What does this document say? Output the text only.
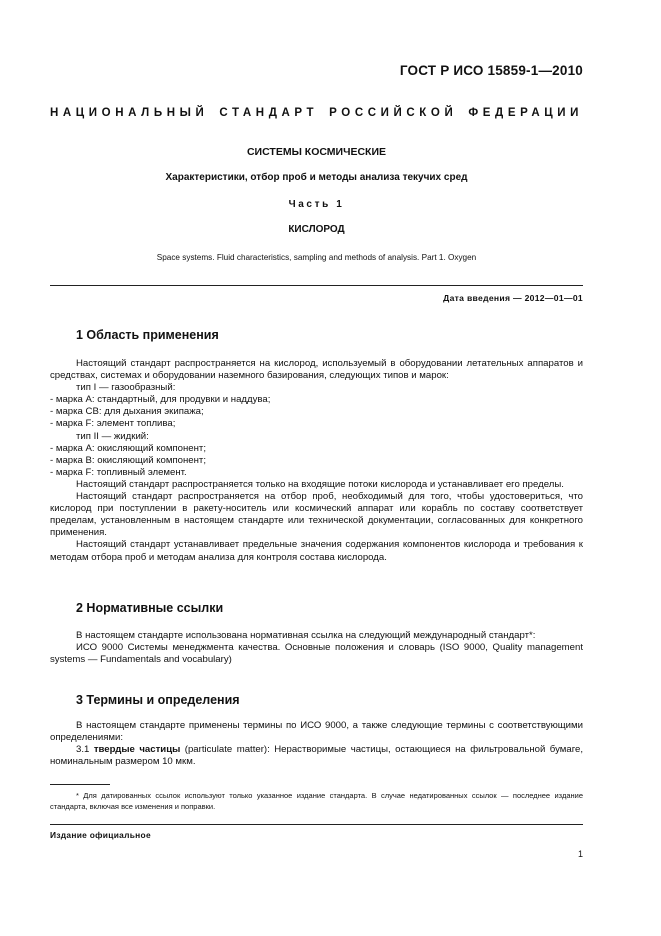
ГОСТ Р ИСО 15859-1—2010
НАЦИОНАЛЬНЫЙ СТАНДАРТ РОССИЙСКОЙ ФЕДЕРАЦИИ
СИСТЕМЫ КОСМИЧЕСКИЕ
Характеристики, отбор проб и методы анализа текучих сред
Часть 1
КИСЛОРОД
Space systems. Fluid characteristics, sampling and methods of analysis. Part 1. Oxygen
Дата введения — 2012—01—01
1 Область применения

Настоящий стандарт распространяется на кислород, используемый в оборудовании летательных аппаратов и средствах, системах и оборудовании наземного базирования, следующих типов и марок:

тип I — газообразный:

- марка A: стандартный, для продувки и наддува;

- марка CB: для дыхания экипажа;

- марка F: элемент топлива;

тип II — жидкий:

- марка A: окисляющий компонент;

- марка B: окисляющий компонент;

- марка F: топливный элемент.

Настоящий стандарт распространяется только на входящие потоки кислорода и устанавливает его пределы.

Настоящий стандарт распространяется на отбор проб, необходимый для того, чтобы удостовериться, что кислород при поступлении в ракету-носитель или космический аппарат или корабль по составу соответствует пределам, установленным в настоящем стандарте или технической документации, согласованных для конкретного применения.

Настоящий стандарт устанавливает предельные значения содержания компонентов кислорода и требования к методам отбора проб и методам анализа для контроля состава кислорода.

2 Нормативные ссылки

В настоящем стандарте использована нормативная ссылка на следующий международный стандарт*:

ИСО 9000 Системы менеджмента качества. Основные положения и словарь (ISO 9000, Quality management systems — Fundamentals and vocabulary)

3 Термины и определения

В настоящем стандарте применены термины по ИСО 9000, а также следующие термины с соответствующими определениями:

3.1 твердые частицы (particulate matter): Нерастворимые частицы, остающиеся на фильтровальной бумаге, номинальным размером 10 мкм.

* Для датированных ссылок используют только указанное издание стандарта. В случае недатированных ссылок — последнее издание стандарта, включая все изменения и поправки.

Издание официальное
1
